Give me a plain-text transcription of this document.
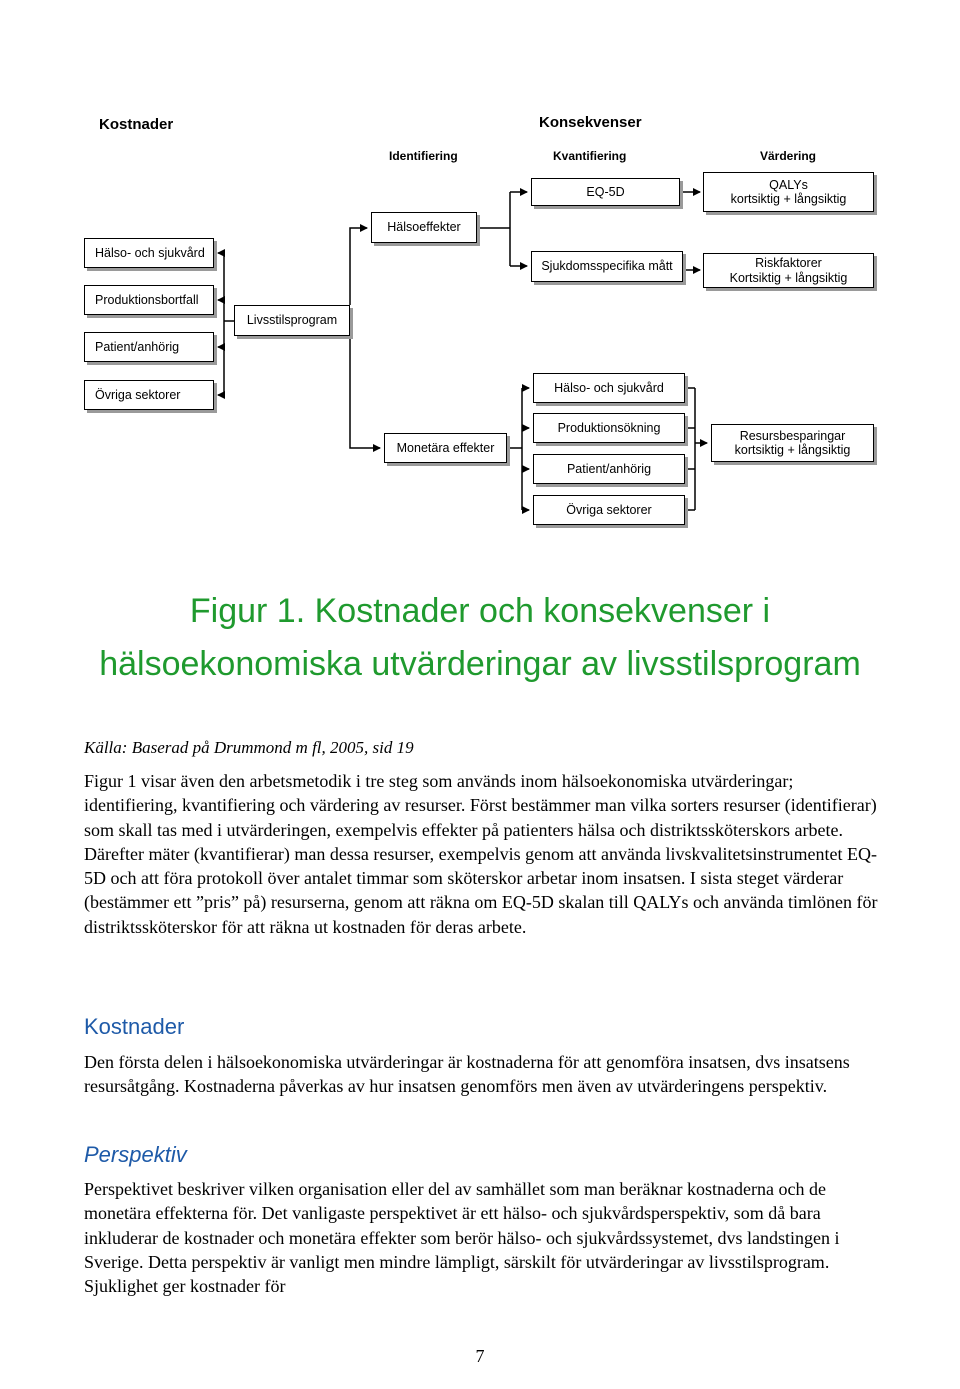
Kostnader	Konsekvenser
Identifiering	Kvantifiering	Värdering
Hälso- och sjukvård
Produktionsbortfall
Patient/anhörig
Övriga sektorer
Livsstilsprogram
Hälsoeffekter
EQ-5D
QALYs
kortsiktig + långsiktig
Sjukdomsspecifika mått	Riskfaktorer
Kortsiktig + långsiktig
Monetära effekter
Hälso- och sjukvård
Produktionsökning
Patient/anhörig
Övriga sektorer
Resursbesparingar
kortsiktig + långsiktig
Figur 1. Kostnader och konsekvenser i hälsoekonomiska utvärderingar av livsstilsprogram
Källa: Baserad på Drummond m fl, 2005, sid 19

Figur 1 visar även den arbetsmetodik i tre steg som används inom hälsoekonomiska utvärderingar; identifiering, kvantifiering och värdering av resurser. Först bestämmer man vilka sorters resurser (identifierar) som skall tas med i utvärderingen, exempelvis effekter på patienters hälsa och distriktssköterskors arbete. Därefter mäter (kvantifierar) man dessa resurser, exempelvis genom att använda livskvalitetsinstrumentet EQ-5D och att föra protokoll över antalet timmar som sköterskor arbetar inom insatsen. I sista steget värderar (bestämmer ett ”pris” på) resurserna, genom att räkna om EQ-5D skalan till QALYs och använda timlönen för distriktssköterskor för att räkna ut kostnaden för deras arbete.

Kostnader

Den första delen i hälsoekonomiska utvärderingar är kostnaderna för att genomföra insatsen, dvs insatsens resursåtgång. Kostnaderna påverkas av hur insatsen genomförs men även av utvärderingens perspektiv.

Perspektiv

Perspektivet beskriver vilken organisation eller del av samhället som man beräknar kostnaderna och de monetära effekterna för. Det vanligaste perspektivet är ett hälso- och sjukvårdsperspektiv, som då bara inkluderar de kostnader och monetära effekter som berör hälso- och sjukvårdssystemet, dvs landstingen i Sverige. Detta perspektiv är vanligt men mindre lämpligt, särskilt för utvärderingar av livsstilsprogram. Sjuklighet ger kostnader för

7
